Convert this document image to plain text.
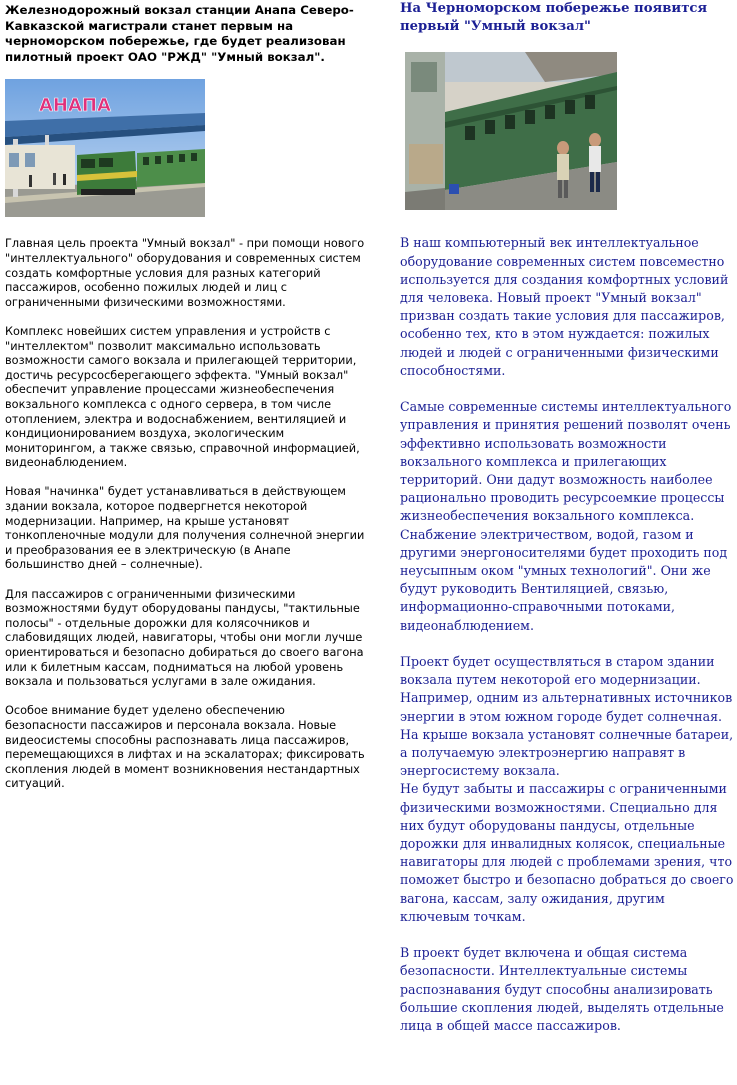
Железнодорожный вокзал станции Анапа Северо-Кавказской магистрали станет первым на черноморском побережье, где будет реализован пилотный проект ОАО "РЖД" "Умный вокзал".
АНАПА

Главная цель проекта "Умный вокзал" - при помощи нового "интеллектуального" оборудования и современных систем создать комфортные условия для разных категорий пассажиров, особенно пожилых людей и лиц с ограниченными физическими возможностями.

Комплекс новейших систем управления и устройств с "интеллектом" позволит максимально использовать возможности самого вокзала и прилегающей территории, достичь ресурсосберегающего эффекта. "Умный вокзал" обеспечит управление процессами жизнеобеспечения вокзального комплекса с одного сервера, в том числе отоплением, электра и водоснабжением, вентиляцией и кондиционированием воздуха, экологическим мониторингом, а также связью, справочной информацией, видеонаблюдением.

Новая "начинка" будет устанавливаться в действующем здании вокзала, которое подвергнется некоторой модернизации. Например, на крыше установят тонкопленочные модули для получения солнечной энергии и преобразования ее в электрическую (в Анапе большинство дней – солнечные).

Для пассажиров с ограниченными физическими возможностями будут оборудованы пандусы, "тактильные полосы" - отдельные дорожки для колясочников и слабовидящих людей, навигаторы, чтобы они могли лучше ориентироваться и безопасно добираться до своего вагона или к билетным кассам, подниматься на любой уровень вокзала и пользоваться услугами в зале ожидания.

Особое внимание будет уделено обеспечению безопасности пассажиров и персонала вокзала. Новые видеосистемы способны распознавать лица пассажиров, перемещающихся в лифтах и на эскалаторах; фиксировать скопления людей в момент возникновения нестандартных ситуаций.

На Черноморском побережье появится первый "Умный вокзал"

В наш компьютерный век интеллектуальное оборудование современных систем повсеместно используется для создания комфортных условий для человека. Новый проект "Умный вокзал" призван создать такие условия для пассажиров, особенно тех, кто в этом нуждается: пожилых людей и людей с ограниченными физическими способностями.

Самые современные системы интеллектуального управления и принятия решений позволят очень эффективно использовать возможности вокзального комплекса и прилегающих территорий. Они дадут возможность наиболее рационально проводить ресурсоемкие процессы жизнеобеспечения вокзального комплекса. Снабжение электричеством, водой, газом и другими энергоносителями будет проходить под неусыпным оком "умных технологий". Они же будут руководить Вентиляцией, связью, информационно-справочными потоками, видеонаблюдением.

Проект будет осуществляться в старом здании вокзала путем некоторой его модернизации. Например, одним из альтернативных источников энергии в этом южном городе будет солнечная. На крыше вокзала установят солнечные батареи, а получаемую электроэнергию направят в энергосистему вокзала.
Не будут забыты и пассажиры с ограниченными физическими возможностями. Специально для них будут оборудованы пандусы, отдельные дорожки для инвалидных колясок, специальные навигаторы для людей с проблемами зрения, что поможет быстро и безопасно добраться до своего вагона, кассам, залу ожидания, другим ключевым точкам.

В проект будет включена и общая система безопасности. Интеллектуальные системы распознавания будут способны анализировать большие скопления людей, выделять отдельные лица в общей массе пассажиров.
